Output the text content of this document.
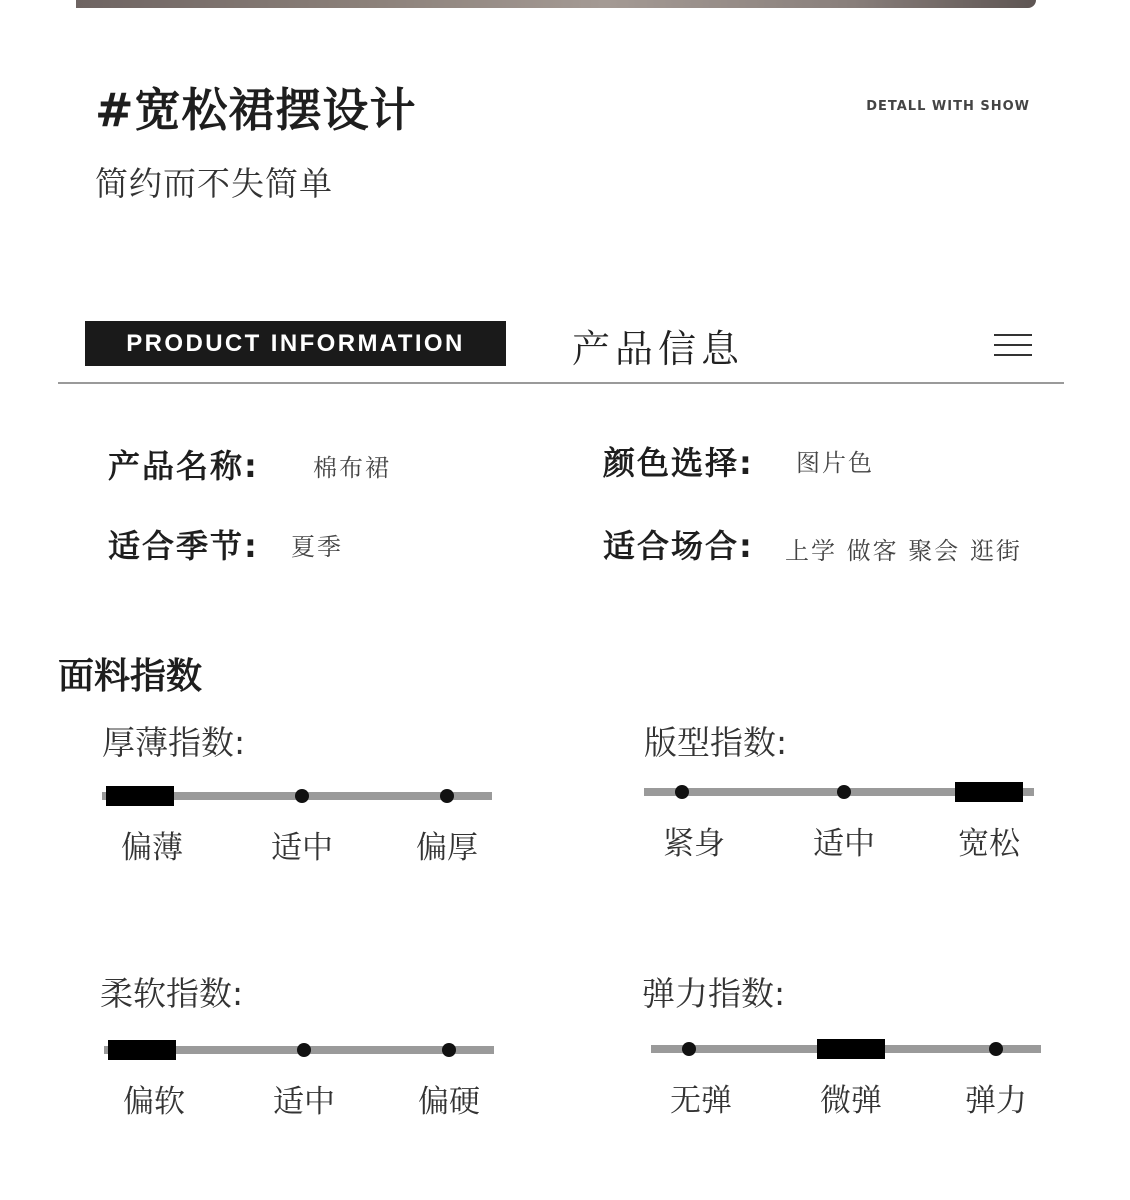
#宽松裙摆设计	DETALL WITH SHOW
简约而不失简单
PRODUCT INFORMATION	产品信息
产品名称: 棉布裙	颜色选择: 图片色
适合季节: 夏季	适合场合: 上学 做客 聚会 逛街
面料指数
厚薄指数:
偏薄	适中	偏厚
版型指数:
紧身	适中	宽松
柔软指数:
偏软	适中	偏硬
弹力指数:
无弹	微弹	弹力
